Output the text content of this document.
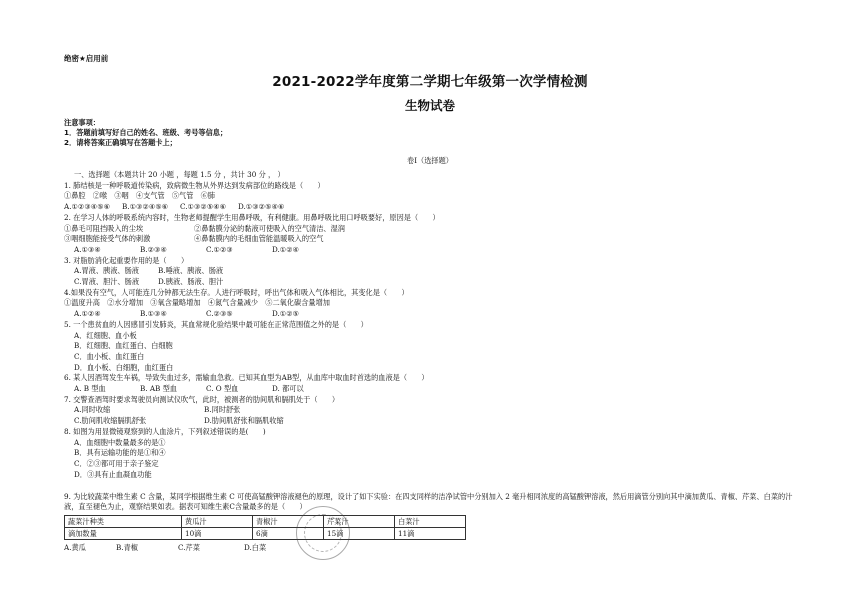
绝密★启用前
2021-2022学年度第二学期七年级第一次学情检测
生物试卷
注意事项：
1．答题前填写好自己的姓名、班级、考号等信息；
2．请将答案正确填写在答题卡上；
卷I（选择题）
一、选择题（本题共计 20 小题 ，每题 1.5 分 ，共计 30 分 ， ）
1. 肺结核是一种呼吸道传染病，致病微生物从外界达到发病部位的路线是（　　）
①鼻腔　②喉　③咽　④支气管　⑤气管　⑥肺
A.①②③④⑤⑥ B.①③②④⑤⑥ C.①③②⑤④⑥ D.①③②⑤④⑥
2. 在学习人体的呼吸系统内容时，生物老师提醒学生用鼻呼吸，有利健康。用鼻呼吸比用口呼吸要好，原因是（　　）
①鼻毛可阻挡吸入的尘埃	②鼻黏膜分泌的黏液可使吸入的空气清洁、湿润
③咽细胞能接受气体的刺激	④鼻黏膜内的毛细血管能温暖吸入的空气
A.①③④	B.②③④	C.①②③	D.①②④
3. 对脂肪消化起重要作用的是（　　）
A.胃液、胰液、肠液	B.唾液、胰液、肠液
C.胃液、胆汁、肠液	D.胰液、肠液、胆汁
4.如果没有空气，人可能连几分钟都无法生存。人进行呼吸时，呼出气体和吸入气体相比，其变化是（　　）
①温度升高　②水分增加　③氧含量略增加　④氮气含量减少　⑤二氧化碳含量增加
A.①②④	B.①③④	C.②③⑤	D.①②⑤
5. 一个患贫血的人因感冒引发肺炎，其血常规化验结果中最可能在正常范围值之外的是（　　）
A．红细胞、血小板
B．红细胞、血红蛋白、白细胞
C．血小板、血红蛋白
D．血小板、白细胞，血红蛋白
6. 某人因酒驾发生车祸，导致失血过多，需输血急救。已知其血型为AB型，从血库中取血时首选的血液是（　　）
A. B 型血	B. AB 型血	C. O 型血	D. 都可以
7. 交警查酒驾时要求驾驶员向测试仪吹气，此时，被测者的肋间肌和膈肌处于（　　）
A.同时收缩	B.同时舒张
C.肋间肌收缩膈肌舒张	D.肋间肌舒张和膈肌收缩
8. 如图为用显微镜观察到的人血涂片，下列叙述错误的是(　　)
A．血细胞中数量最多的是①
B．具有运输功能的是①和④
C．②③都可用于亲子鉴定
D．③具有止血凝血功能
9. 为比较蔬菜中维生素 C 含量，某同学根据维生素 C 可使高锰酸钾溶液褪色的原理，设计了如下实验：在四支同样的洁净试管中分别加入 2 毫升相同浓度的高锰酸钾溶液，然后用滴管分别向其中滴加黄瓜、青椒、芹菜、白菜的汁液，直至褪色为止，观察结果如表。据表可知维生素C含量最多的是（　　）
蔬菜汁种类	黄瓜汁	青椒汁	芹菜汁	白菜汁
滴加数量	10滴	6滴	15滴	11滴
A.黄瓜	B.青椒	C.芹菜	D.白菜
